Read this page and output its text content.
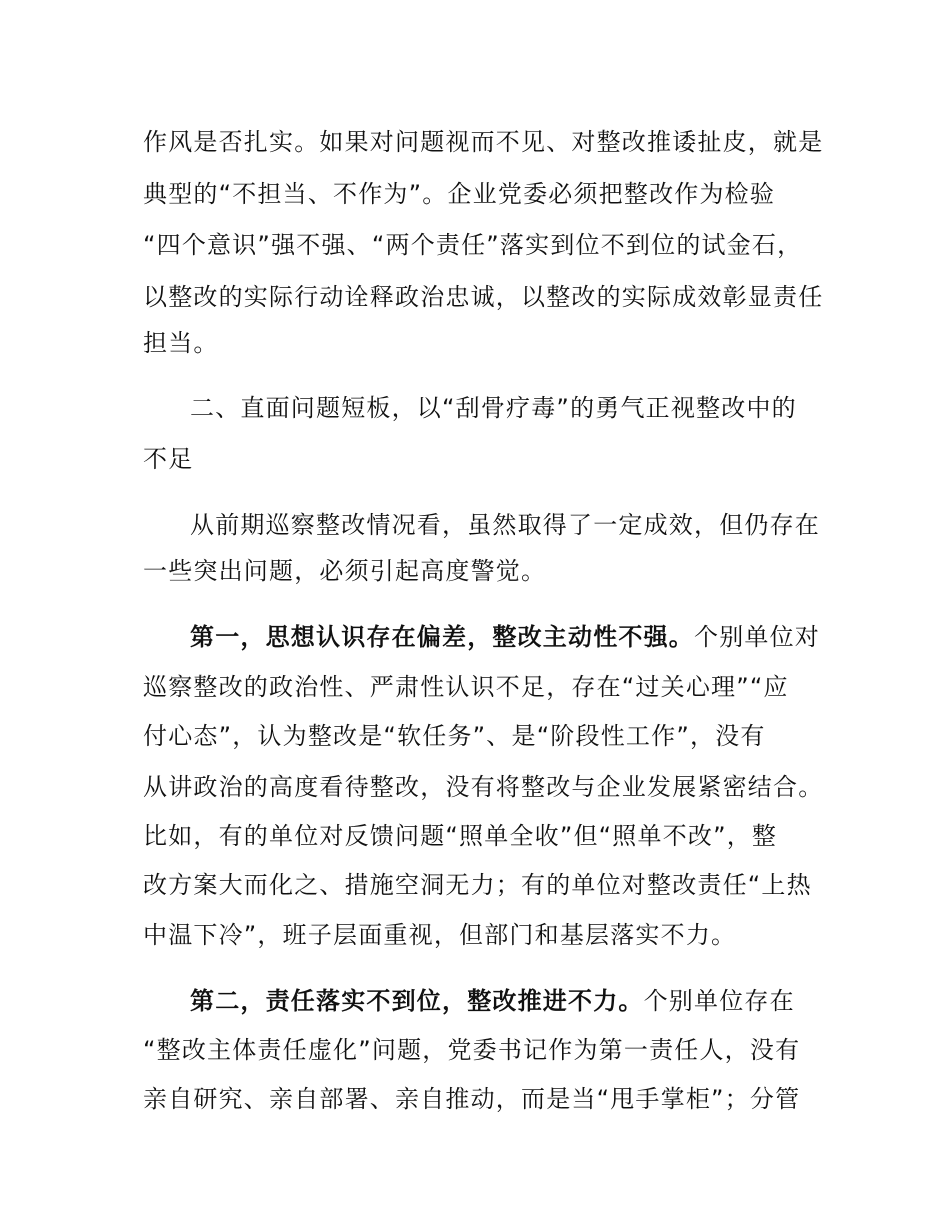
作风是否扎实。如果对问题视而不见、对整改推诿扯皮，就是
典型的“不担当、不作为”。企业党委必须把整改作为检验
“四个意识”强不强、“两个责任”落实到位不到位的试金石，
以整改的实际行动诠释政治忠诚，以整改的实际成效彰显责任
担当。
二、直面问题短板，以“刮骨疗毒”的勇气正视整改中的
不足
从前期巡察整改情况看，虽然取得了一定成效，但仍存在
一些突出问题，必须引起高度警觉。
第一，思想认识存在偏差，整改主动性不强。个别单位对
巡察整改的政治性、严肃性认识不足，存在“过关心理”“应
付心态”，认为整改是“软任务”、是“阶段性工作”，没有
从讲政治的高度看待整改，没有将整改与企业发展紧密结合。
比如，有的单位对反馈问题“照单全收”但“照单不改”，整
改方案大而化之、措施空洞无力；有的单位对整改责任“上热
中温下冷”，班子层面重视，但部门和基层落实不力。
第二，责任落实不到位，整改推进不力。个别单位存在
“整改主体责任虚化”问题，党委书记作为第一责任人，没有
亲自研究、亲自部署、亲自推动，而是当“甩手掌柜”；分管
